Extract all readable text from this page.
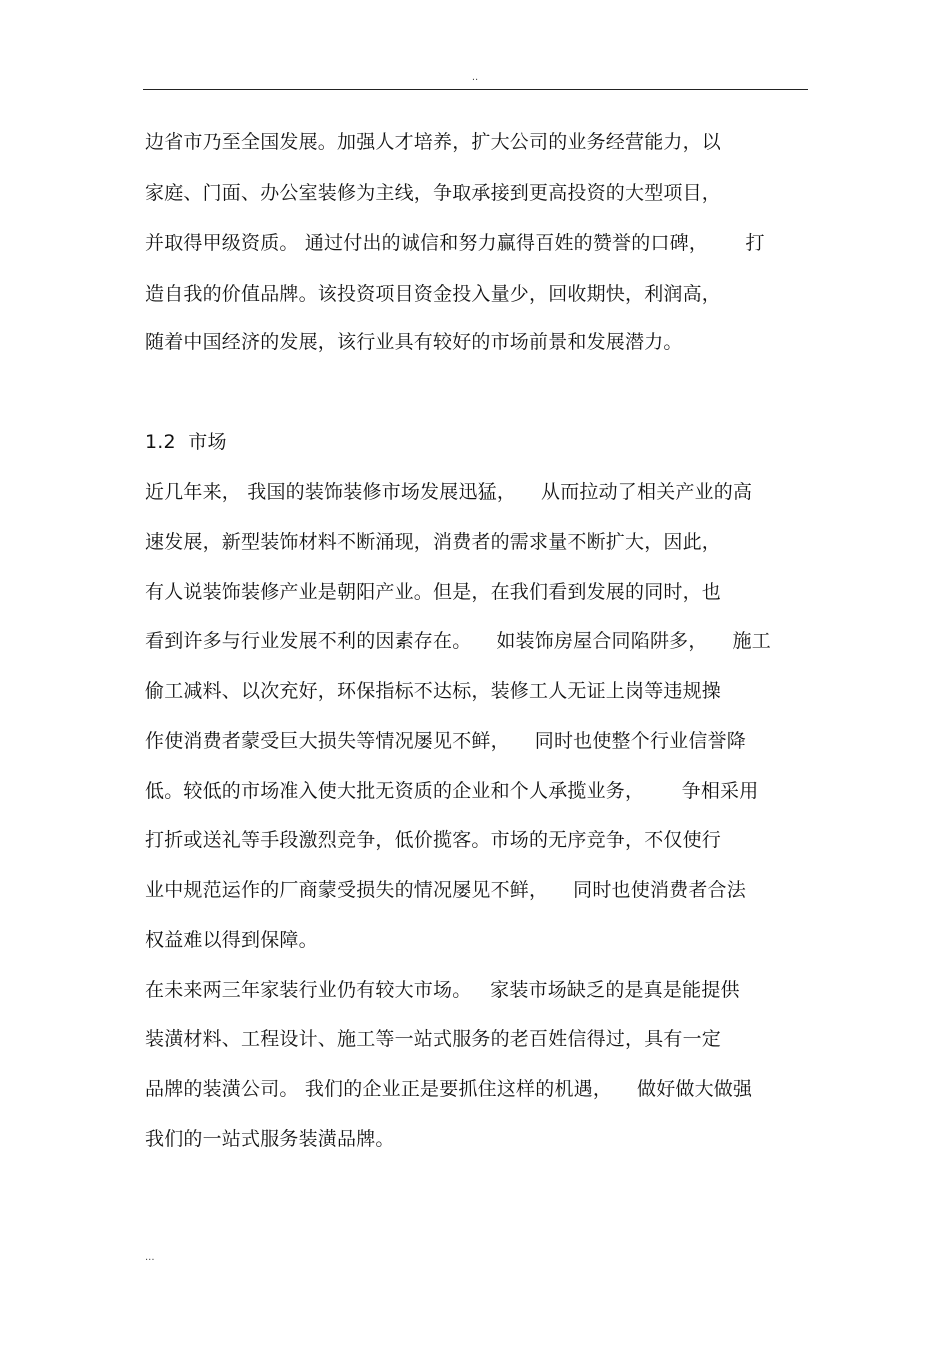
..
边省市乃至全国发展。加强人才培养，扩大公司的业务经营能力，以
家庭、门面、办公室装修为主线，争取承接到更高投资的大型项目，
并取得甲级资质。 通过付出的诚信和努力赢得百姓的赞誉的口碑，      打
造自我的价值品牌。该投资项目资金投入量少，回收期快，利润高，
随着中国经济的发展，该行业具有较好的市场前景和发展潜力。
1.2  市场
近几年来， 我国的装饰装修市场发展迅猛，    从而拉动了相关产业的高
速发展，新型装饰材料不断涌现，消费者的需求量不断扩大，因此，
有人说装饰装修产业是朝阳产业。但是，在我们看到发展的同时，也
看到许多与行业发展不利的因素存在。    如装饰房屋合同陷阱多，    施工
偷工减料、以次充好，环保指标不达标，装修工人无证上岗等违规操
作使消费者蒙受巨大损失等情况屡见不鲜，    同时也使整个行业信誉降
低。较低的市场准入使大批无资质的企业和个人承揽业务，      争相采用
打折或送礼等手段激烈竞争，低价揽客。市场的无序竞争，不仅使行
业中规范运作的厂商蒙受损失的情况屡见不鲜，    同时也使消费者合法
权益难以得到保障。
在未来两三年家装行业仍有较大市场。   家装市场缺乏的是真是能提供
装潢材料、工程设计、施工等一站式服务的老百姓信得过，具有一定
品牌的装潢公司。 我们的企业正是要抓住这样的机遇，    做好做大做强
我们的一站式服务装潢品牌。
...
